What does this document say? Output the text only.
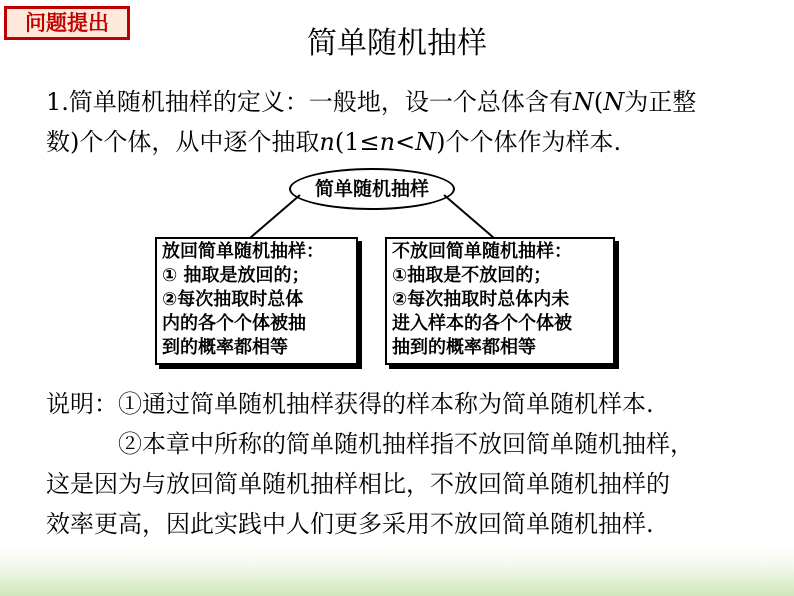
问题提出
简单随机抽样
1.简单随机抽样的定义：一般地，设一个总体含有N(N为正整
数)个个体，从中逐个抽取n(1≤n<N)个个体作为样本.
简单随机抽样
放回简单随机抽样：
① 抽取是放回的；
②每次抽取时总体
内的各个个体被抽
到的概率都相等
不放回简单随机抽样：
①抽取是不放回的；
②每次抽取时总体内未
进入样本的各个个体被
抽到的概率都相等
说明：①通过简单随机抽样获得的样本称为简单随机样本.
②本章中所称的简单随机抽样指不放回简单随机抽样，
这是因为与放回简单随机抽样相比，不放回简单随机抽样的
效率更高，因此实践中人们更多采用不放回简单随机抽样.
